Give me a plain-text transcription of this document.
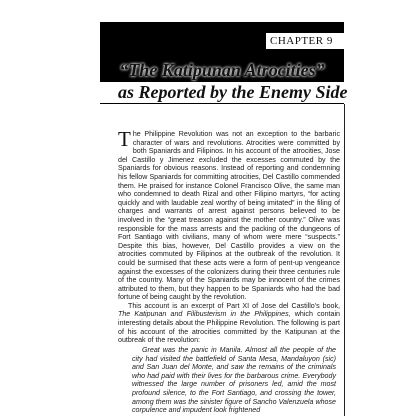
CHAPTER 9
“The Katipunan Atrocities”
as Reported by the Enemy Side

The Philippine Revolution was not an exception to the barbaric character of wars and revolutions. Atrocities were committed by both Spaniards and Filipinos. In his account of the atrocities, Jose del Castillo y Jimenez excluded the excesses commuted by the Spaniards for obvious reasons. Instead of reporting and condemning his fellow Spaniards for committing atrocities, Del Castillo commended them. He praised for instance Colonel Francisco Olive, the same man who condemned to death Rizal and other Filipino martyrs, “for acting quickly and with laudable zeal worthy of being imitated” in the filing of charges and warrants of arrest against persons believed to be involved in the “great treason against the mother country.” Olive was responsible for the mass arrests and the packing of the dungeons of Fort Santiago with civilians, many of whom were mere “suspects.” Despite this bias, however, Del Castillo provides a view on the atrocities commuted by Filipinos at the outbreak of the revolution. It could be surmised that these acts were a form of pent-up vengeance against the excesses of the colonizers during their three centuries rule of the country. Many of the Spaniards may be innocent of the crimes attributed to them, but they happen to be Spaniards who had the bad fortune of being caught by the revolution.

This account is an excerpt of Part XI of Jose del Castillo's book, The Katipunan and Filibusterism in the Philippines, which contain interesting details about the Philippine Revolution. The following is part of his account of the atrocities committed by the Katipunan at the outbreak of the revolution:

Great was the panic in Manila. Almost all the people of the city had visited the battlefield of Santa Mesa, Mandaluyon (sic) and San Juan del Monte, and saw the remains of the criminals who had paid with their lives for the barbarous crime. Everybody witnessed the large number of prisoners led, amid the most profound silence, to the Fort Santiago, and crossing the tower, among them was the sinister figure of Sancho Valenzuela whose corpulence and impudent look frightened
